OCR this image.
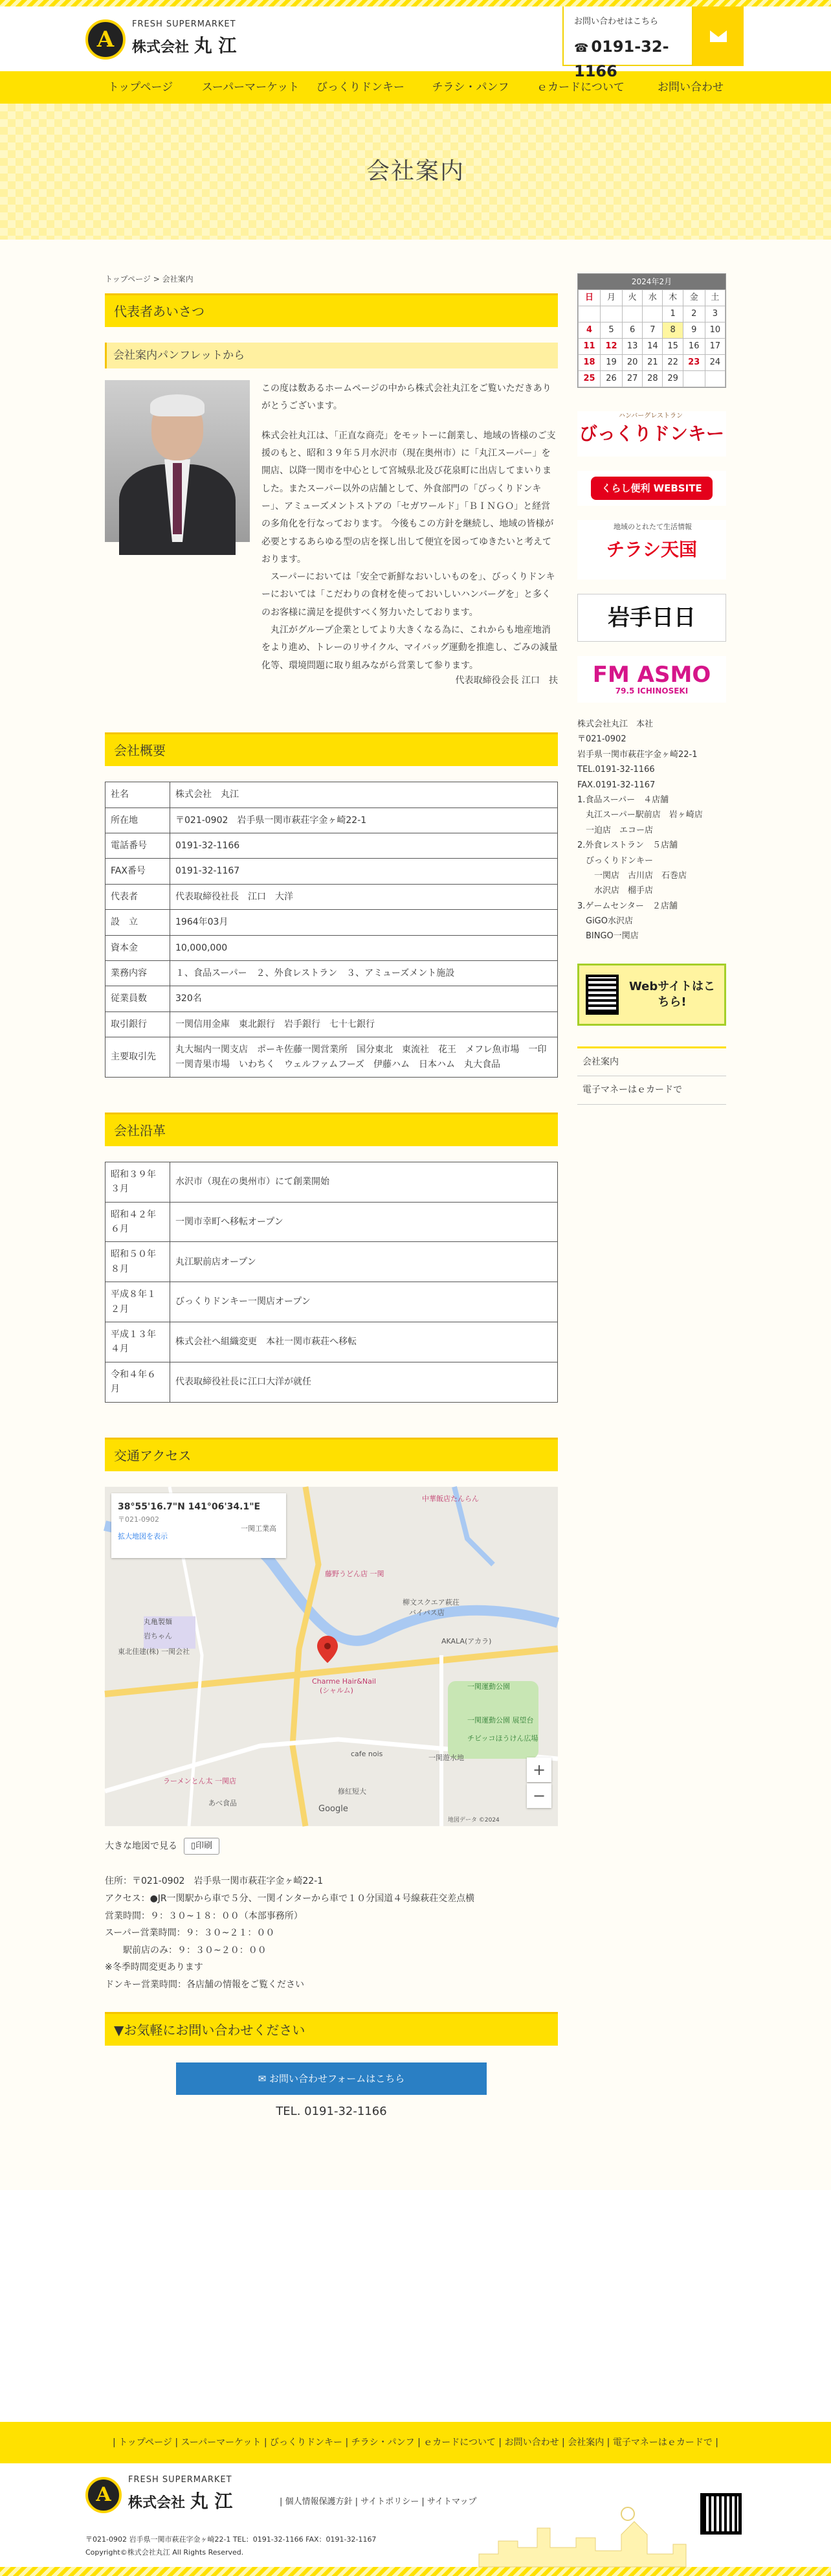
A
FRESH SUPERMARKET
株式会社 丸 江
お問い合わせはこちら
☎ 0191-32-1166
トップページ	スーパーマーケット	びっくりドンキー	チラシ・パンフ	ｅカードについて	お問い合わせ
会社案内
トップページ > 会社案内
代表者あいさつ
会社案内パンフレットから

この度は数あるホームページの中から株式会社丸江をご覧いただきありがとうございます。

株式会社丸江は、「正直な商売」をモットーに創業し、地域の皆様のご支援のもと、昭和３９年５月水沢市（現在奥州市）に「丸江スーパー」を開店、以降一関市を中心として宮城県北及び花泉町に出店してまいりました。またスーパー以外の店舗として、外食部門の「びっくりドンキー」、アミューズメントストアの「セガワールド」「ＢＩＮＧＯ」と経営の多角化を行なっております。 今後もこの方針を継続し、地域の皆様が必要とするあらゆる型の店を探し出して便宜を図ってゆきたいと考えております。

スーパーにおいては「安全で新鮮なおいしいものを」、びっくりドンキーにおいては「こだわりの食材を使っておいしいハンバーグを」と多くのお客様に満足を提供すべく努力いたしております。

丸江がグループ企業としてより大きくなる為に、これからも地産地消をより進め、トレーのリサイクル、マイバッグ運動を推進し、ごみの減量化等、環境問題に取り組みながら営業して参ります。

代表取締役会長 江口　扶

会社概要
社名	株式会社　丸江
所在地	〒021-0902　岩手県一関市萩荘字金ヶ崎22-1
電話番号	0191-32-1166
FAX番号	0191-32-1167
代表者	代表取締役社長　江口　大洋
設　立	1964年03月
資本金	10,000,000
業務内容	１、食品スーパー　２、外食レストラン　３、アミューズメント施設
従業員数	320名
取引銀行	一関信用金庫　東北銀行　岩手銀行　七十七銀行
主要取引先	丸大堀内一関支店　ポーキ佐藤一関営業所　国分東北　東流社　花王　メフレ魚市場　一印一関青果市場　いわちく　ウェルファムフーズ　伊藤ハム　日本ハム　丸大食品
会社沿革
昭和３９年３月	水沢市（現在の奥州市）にて創業開始
昭和４２年６月	一関市幸町へ移転オープン
昭和５０年８月	丸江駅前店オープン
平成８年１２月	びっくりドンキー一関店オープン
平成１３年４月	株式会社へ組織変更　本社一関市萩荘へ移転
令和４年６月	代表取締役社長に江口大洋が就任
交通アクセス
38°55'16.7"N 141°06'34.1"E
〒021-0902
拡大地図を表示
中華飯店たんらん
一関工業高
丸亀製麺
岩ちゃん
藤野うどん店 一関
柳文スクエア萩荘
バイパス店
東北佳建(株) 一関会社
AKALA(アカラ)
Charme Hair&Nail
(シャルム)
cafe nois
ラーメンとん太 一関店
一関運動公園
一関運動公園 展望台
チビッコほうけん広場
あべ食品
修紅短大
一関遊水地
+
−
Google
地図データ ©2024
大きな地図で見る	▯印刷
住所：〒021-0902　岩手県一関市萩荘字金ヶ崎22-1
アクセス：●JR一関駅から車で５分、一関インターから車で１０分国道４号線萩荘交差点横
営業時間：９：３０~１８：００（本部事務所）
スーパー営業時間：９：３０~２１：００
　　駅前店のみ：９：３０~２０：００
※冬季時間変更あります
ドンキー営業時間：各店舗の情報をご覧ください
▼お気軽にお問い合わせください
✉ お問い合わせフォームはこちら
TEL. 0191-32-1166
2024年2月
日	月	火	水	木	金	土
				1	2	3
4	5	6	7	8	9	10
11	12	13	14	15	16	17
18	19	20	21	22	23	24
25	26	27	28	29		
ハンバーグレストラン
びっくりドンキー
くらし便利 WEBSITE
地域のとれたて生活情報
チラシ天国
岩手日日
FM ASMO
79.5 ICHINOSEKI
株式会社丸江　本社
〒021-0902
岩手県一関市萩荘字金ヶ崎22-1
TEL.0191-32-1166
FAX.0191-32-1167
1.食品スーパー　４店舗
　丸江スーパー駅前店　岩ヶ崎店
　一迫店　エコー店
2.外食レストラン　５店舗
　びっくりドンキー
　　一関店　古川店　石巻店
　　水沢店　榴手店
3.ゲームセンター　２店舗
　GiGO水沢店
　BINGO一関店
Webサイトはこちら!
会社案内
電子マネーはｅカードで
| トップページ | スーパーマーケット | びっくりドンキー | チラシ・パンフ | ｅカードについて | お問い合わせ | 会社案内 | 電子マネーはｅカードで |
A
FRESH SUPERMARKET
株式会社 丸 江	| 個人情報保護方針 | サイトポリシー | サイトマップ
〒021-0902 岩手県一関市萩荘字金ヶ崎22-1 TEL：0191-32-1166 FAX：0191-32-1167
Copyright©株式会社丸江 All Rights Reserved.
